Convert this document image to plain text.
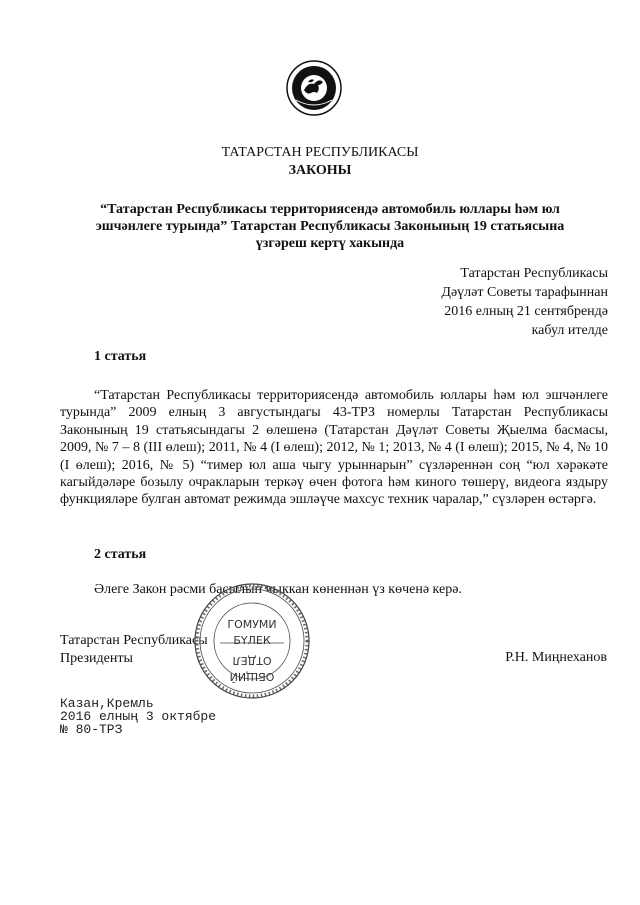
ТАТАРСТАН РЕСПУБЛИКАСЫ
ЗАКОНЫ
“Татарстан Республикасы территориясендә автомобиль юллары һәм юл эшчәнлеге турында” Татарстан Республикасы Законының 19 статьясына үзгәреш кертү хакында
Татарстан Республикасы
Дәүләт Советы тарафыннан
2016 елның 21 сентябрендә
кабул ителде
1 статья
“Татарстан Республикасы территориясендә автомобиль юллары һәм юл эшчәнлеге турында” 2009 елның 3 августындагы 43-ТРЗ номерлы Татарстан Республикасы Законының 19 статьясындагы 2 өлешенә (Татарстан Дәүләт Советы Җыелма басмасы, 2009, № 7 – 8 (III өлеш); 2011, № 4 (I өлеш); 2012, № 1; 2013, № 4 (I өлеш); 2015, № 4, № 10 (I өлеш); 2016, № 5) “тимер юл аша чыгу урыннарын” сүзләреннән соң “юл хәрәкәте кагыйдәләре бозылу очракларын теркәү өчен фотога һәм киного төшерү, видеога яздыру функцияләре булган автомат режимда эшләүче махсус техник чаралар,” сүзләрен өстәргә.
2 статья
Әлеге Закон рәсми басылып чыккан көненнән үз көченә керә.
Татарстан Республикасы
Президенты	Р.Н. Миңнеханов
ГОМУМИ
БҮЛЕК
ОТДЕЛ
ОБЩИЙ
Казан,Кремль
2016 елның 3 октябре
№ 80-ТРЗ
